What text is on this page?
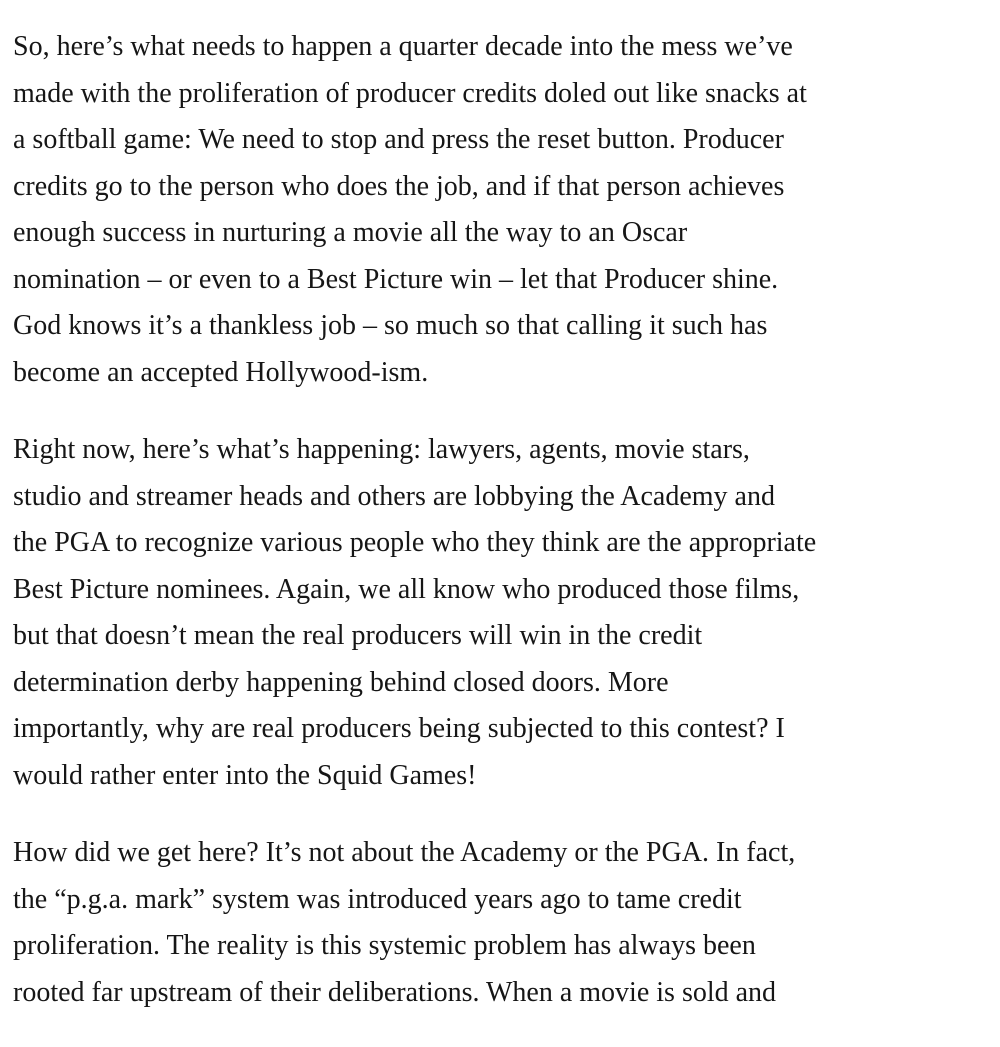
So, here’s what needs to happen a quarter decade into the mess we’ve
made with the proliferation of producer credits doled out like snacks at
a softball game: We need to stop and press the reset button. Producer
credits go to the person who does the job, and if that person achieves
enough success in nurturing a movie all the way to an Oscar
nomination – or even to a Best Picture win – let that Producer shine.
God knows it’s a thankless job – so much so that calling it such has
become an accepted Hollywood-ism.

Right now, here’s what’s happening: lawyers, agents, movie stars,
studio and streamer heads and others are lobbying the Academy and
the PGA to recognize various people who they think are the appropriate
Best Picture nominees. Again, we all know who produced those films,
but that doesn’t mean the real producers will win in the credit
determination derby happening behind closed doors. More
importantly, why are real producers being subjected to this contest? I
would rather enter into the Squid Games!

How did we get here? It’s not about the Academy or the PGA. In fact,
the “p.g.a. mark” system was introduced years ago to tame credit
proliferation. The reality is this systemic problem has always been
rooted far upstream of their deliberations. When a movie is sold and
